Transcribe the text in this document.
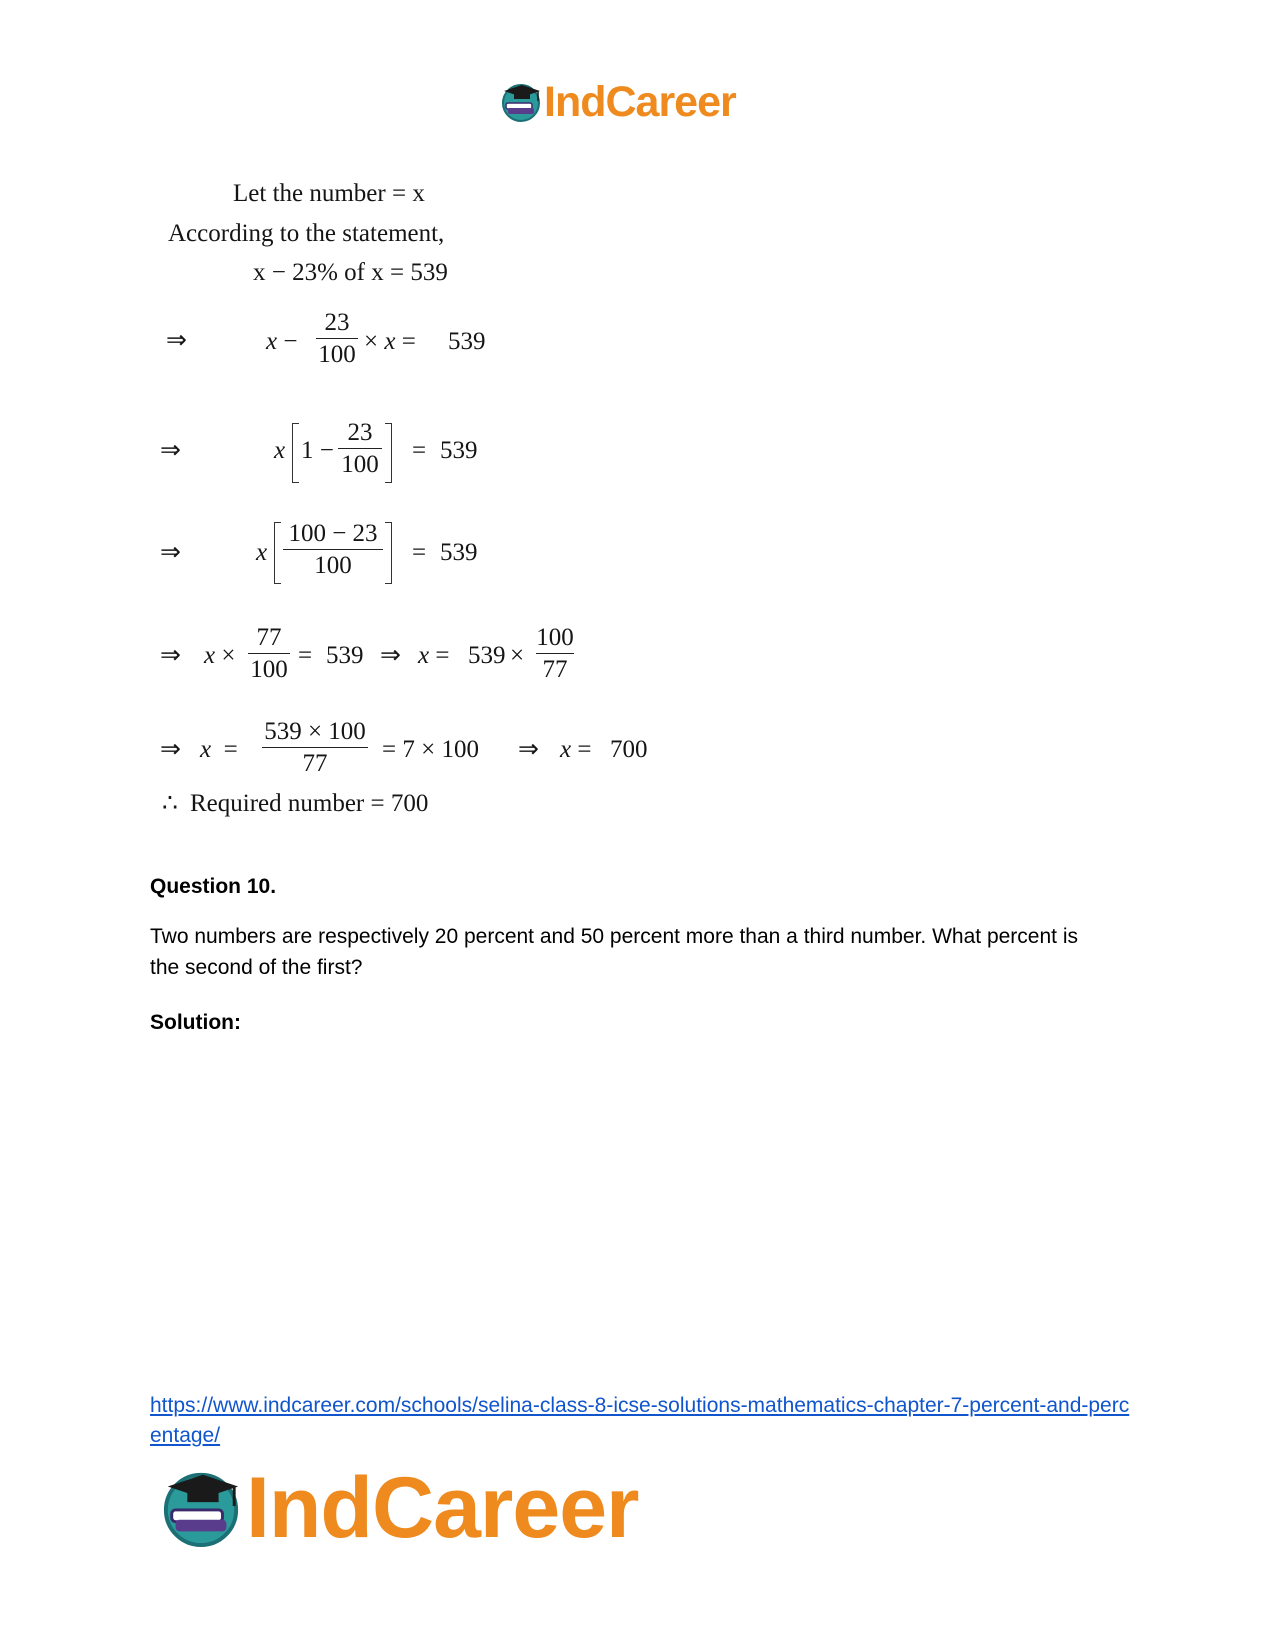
IndCareer
Let the number = x
According to the statement,
x − 23% of x = 539
⇒	x −
23
100 × x = 539
⇒	x 1 −
23
100
= 539
⇒	x
100 − 23
100	= 539
⇒ x ×
77
100
= 539 ⇒ x = 539 ×
100
77
⇒ x  =
539 × 100
77
= 7 × 100 ⇒ x = 700
∴ Required number = 700
Question 10.
Two numbers are respectively 20 percent and 50 percent more than a third number. What percent is the second of the first?
Solution:
https://www.indcareer.com/schools/selina-class-8-icse-solutions-mathematics-chapter-7-percent-and-percentage/
IndCareer
